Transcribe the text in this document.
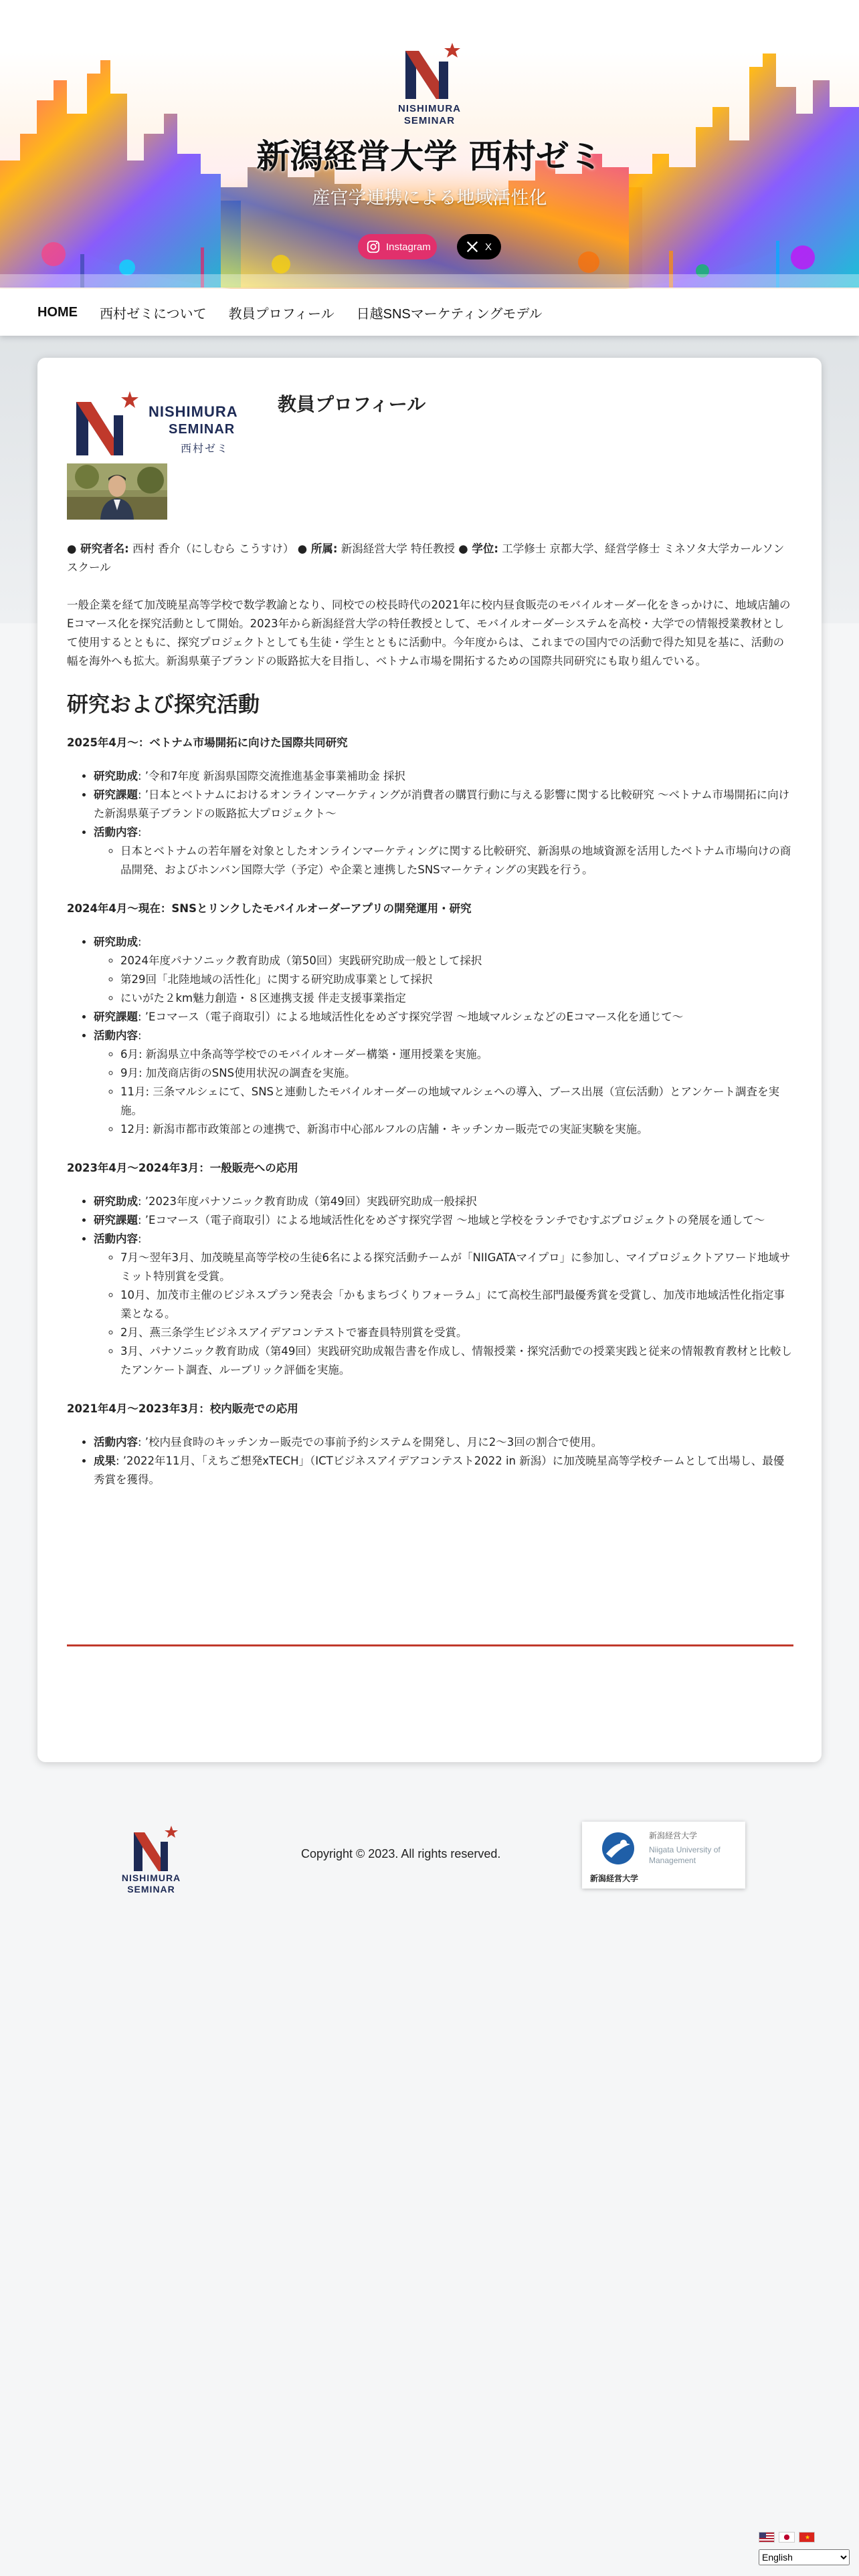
NISHIMURA
SEMINAR
新潟経営大学 西村ゼミ
産官学連携による地域活性化
Instagram	X
HOME 西村ゼミについて 教員プロフィール 日越SNSマーケティングモデル
NISHIMURA
SEMINAR
西村ゼミ
教員プロフィール

● 研究者名: 西村 香介（にしむら こうすけ） ● 所属: 新潟経営大学 特任教授 ● 学位: 工学修士 京都大学、経営学修士 ミネソタ大学カールソンスクール

一般企業を経て加茂暁星高等学校で数学教諭となり、同校での校長時代の2021年に校内昼食販売のモバイルオーダー化をきっかけに、地域店舗のEコマース化を探究活動として開始。2023年から新潟経営大学の特任教授として、モバイルオーダーシステムを高校・大学での情報授業教材として使用するとともに、探究プロジェクトとしても生徒・学生とともに活動中。今年度からは、これまでの国内での活動で得た知見を基に、活動の幅を海外へも拡大。新潟県菓子ブランドの販路拡大を目指し、ベトナム市場を開拓するための国際共同研究にも取り組んでいる。

研究および探究活動
2025年4月〜：ベトナム市場開拓に向けた国際共同研究
• 研究助成: ’令和7年度 新潟県国際交流推進基金事業補助金 採択
• 研究課題: ’日本とベトナムにおけるオンラインマーケティングが消費者の購買行動に与える影響に関する比較研究 〜ベトナム市場開拓に向けた新潟県菓子ブランドの販路拡大プロジェクト〜
• 活動内容:
◦ 日本とベトナムの若年層を対象としたオンラインマーケティングに関する比較研究、新潟県の地域資源を活用したベトナム市場向けの商品開発、およびホンバン国際大学（予定）や企業と連携したSNSマーケティングの実践を行う。
2024年4月〜現在：SNSとリンクしたモバイルオーダーアプリの開発運用・研究
• 研究助成:
◦ 2024年度パナソニック教育助成（第50回）実践研究助成一般として採択
◦ 第29回「北陸地域の活性化」に関する研究助成事業として採択
◦ にいがた２km魅力創造・８区連携支援 伴走支援事業指定
• 研究課題: ’Eコマース（電子商取引）による地域活性化をめざす探究学習 〜地域マルシェなどのEコマース化を通じて〜
• 活動内容:
◦ 6月: 新潟県立中条高等学校でのモバイルオーダー構築・運用授業を実施。
◦ 9月: 加茂商店街のSNS使用状況の調査を実施。
◦ 11月: 三条マルシェにて、SNSと連動したモバイルオーダーの地域マルシェへの導入、ブース出展（宣伝活動）とアンケート調査を実施。
◦ 12月: 新潟市都市政策部との連携で、新潟市中心部ルフルの店舗・キッチンカー販売での実証実験を実施。
2023年4月〜2024年3月：一般販売への応用
• 研究助成: ’2023年度パナソニック教育助成（第49回）実践研究助成一般採択
• 研究課題: ’Eコマース（電子商取引）による地域活性化をめざす探究学習 〜地域と学校をランチでむすぶプロジェクトの発展を通して〜
• 活動内容:
◦ 7月〜翌年3月、加茂暁星高等学校の生徒6名による探究活動チームが「NIIGATAマイプロ」に参加し、マイプロジェクトアワード地域サミット特別賞を受賞。
◦ 10月、加茂市主催のビジネスプラン発表会「かもまちづくりフォーラム」にて高校生部門最優秀賞を受賞し、加茂市地域活性化指定事業となる。
◦ 2月、燕三条学生ビジネスアイデアコンテストで審査員特別賞を受賞。
◦ 3月、パナソニック教育助成（第49回）実践研究助成報告書を作成し、情報授業・探究活動での授業実践と従来の情報教育教材と比較したアンケート調査、ルーブリック評価を実施。
2021年4月〜2023年3月：校内販売での応用
• 活動内容: ’校内昼食時のキッチンカー販売での事前予約システムを開発し、月に2〜3回の割合で使用。
• 成果: ’2022年11月、「えちご想発xTECH」（ICTビジネスアイデアコンテスト2022 in 新潟）に加茂暁星高等学校チームとして出場し、最優秀賞を獲得。
NISHIMURA
SEMINAR
Copyright © 2023. All rights reserved.
新潟経営大学
Niigata University of
Management
新潟経営大学
★
English
